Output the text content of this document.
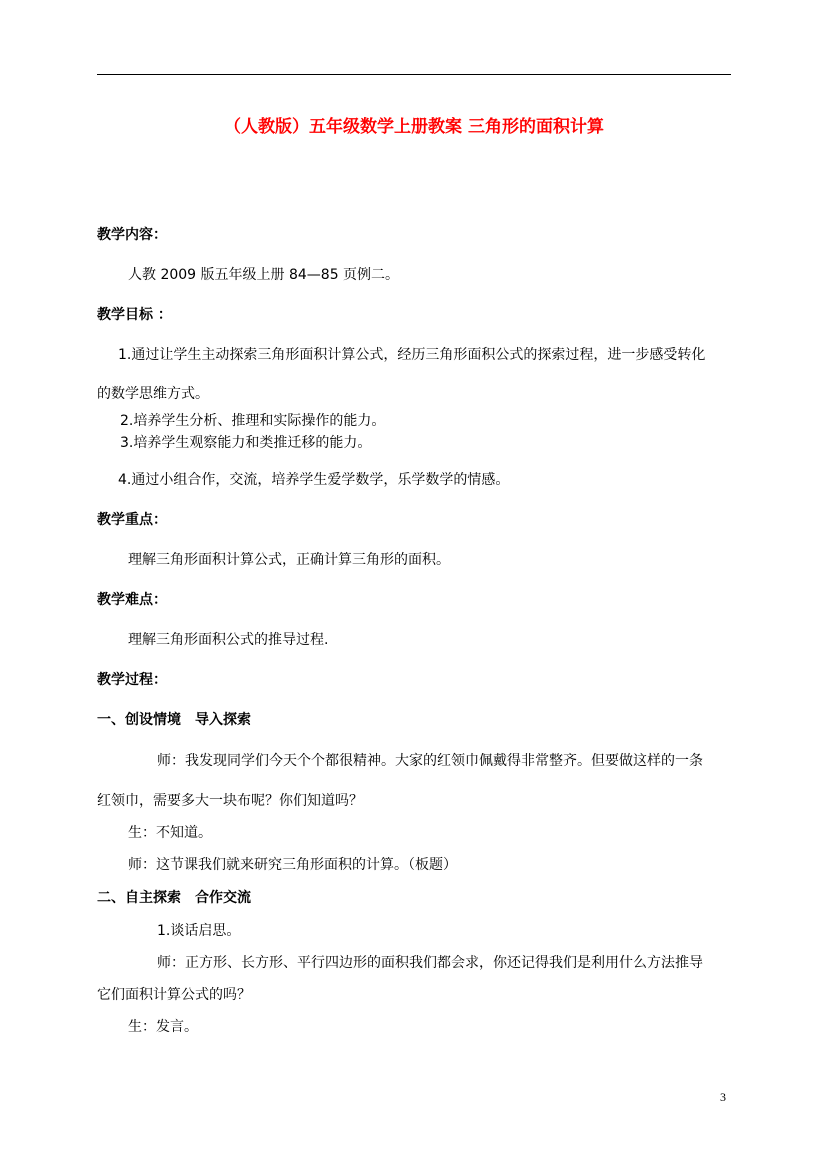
（人教版）五年级数学上册教案 三角形的面积计算
教学内容：
人教 2009 版五年级上册 84—85 页例二。
教学目标 ：
1.通过让学生主动探索三角形面积计算公式，经历三角形面积公式的探索过程，进一步感受转化
的数学思维方式。
2.培养学生分析、推理和实际操作的能力。
3.培养学生观察能力和类推迁移的能力。
4.通过小组合作，交流，培养学生爱学数学，乐学数学的情感。
教学重点：
理解三角形面积计算公式，正确计算三角形的面积。
教学难点：
理解三角形面积公式的推导过程.
教学过程：
一、创设情境　导入探索
师：我发现同学们今天个个都很精神。大家的红领巾佩戴得非常整齐。但要做这样的一条
红领巾，需要多大一块布呢？你们知道吗？
生：不知道。
师：这节课我们就来研究三角形面积的计算。（板题）
二、自主探索　合作交流
1.谈话启思。
师：正方形、长方形、平行四边形的面积我们都会求，你还记得我们是利用什么方法推导
它们面积计算公式的吗？
生：发言。
3
